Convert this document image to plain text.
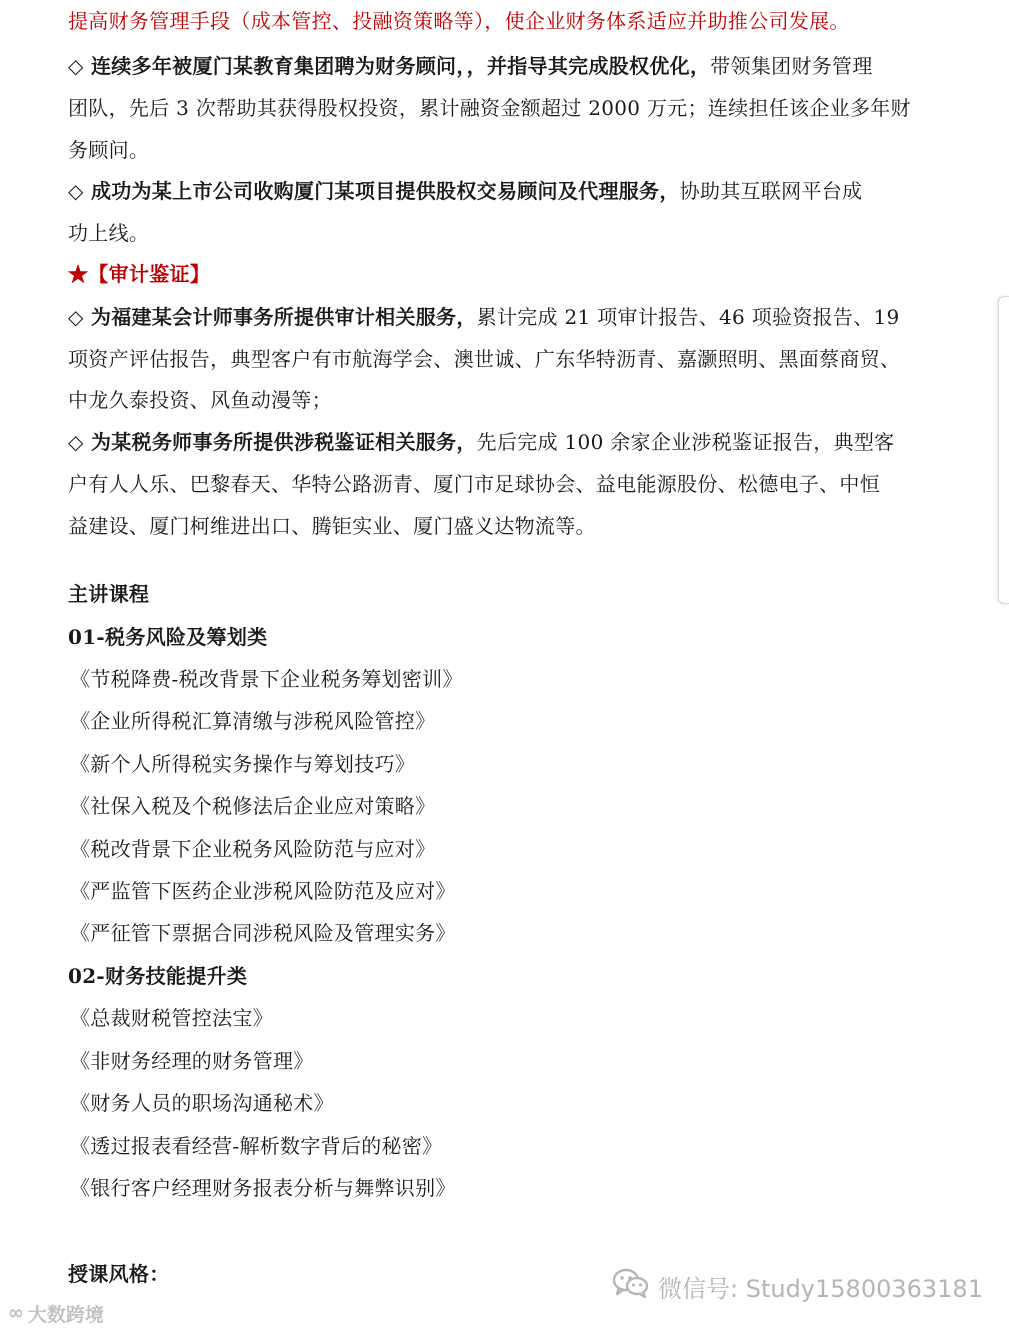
提高财务管理手段（成本管控、投融资策略等），使企业财务体系适应并助推公司发展。
◇ 连续多年被厦门某教育集团聘为财务顾问，，并指导其完成股权优化，带领集团财务管理
团队，先后 3 次帮助其获得股权投资，累计融资金额超过 2000 万元；连续担任该企业多年财
务顾问。
◇ 成功为某上市公司收购厦门某项目提供股权交易顾问及代理服务，协助其互联网平台成
功上线。
★【审计鉴证】
◇ 为福建某会计师事务所提供审计相关服务，累计完成 21 项审计报告、46 项验资报告、19
项资产评估报告，典型客户有市航海学会、澳世诚、广东华特沥青、嘉灏照明、黑面蔡商贸、
中龙久泰投资、风鱼动漫等；
◇ 为某税务师事务所提供涉税鉴证相关服务，先后完成 100 余家企业涉税鉴证报告，典型客
户有人人乐、巴黎春天、华特公路沥青、厦门市足球协会、益电能源股份、松德电子、中恒
益建设、厦门柯维进出口、腾钜实业、厦门盛义达物流等。
主讲课程
01-税务风险及筹划类
《节税降费-税改背景下企业税务筹划密训》
《企业所得税汇算清缴与涉税风险管控》
《新个人所得税实务操作与筹划技巧》
《社保入税及个税修法后企业应对策略》
《税改背景下企业税务风险防范与应对》
《严监管下医药企业涉税风险防范及应对》
《严征管下票据合同涉税风险及管理实务》
02-财务技能提升类
《总裁财税管控法宝》
《非财务经理的财务管理》
《财务人员的职场沟通秘术》
《透过报表看经营-解析数字背后的秘密》
《银行客户经理财务报表分析与舞弊识别》
授课风格：
∞ 大数跨境
微信号: Study15800363181
